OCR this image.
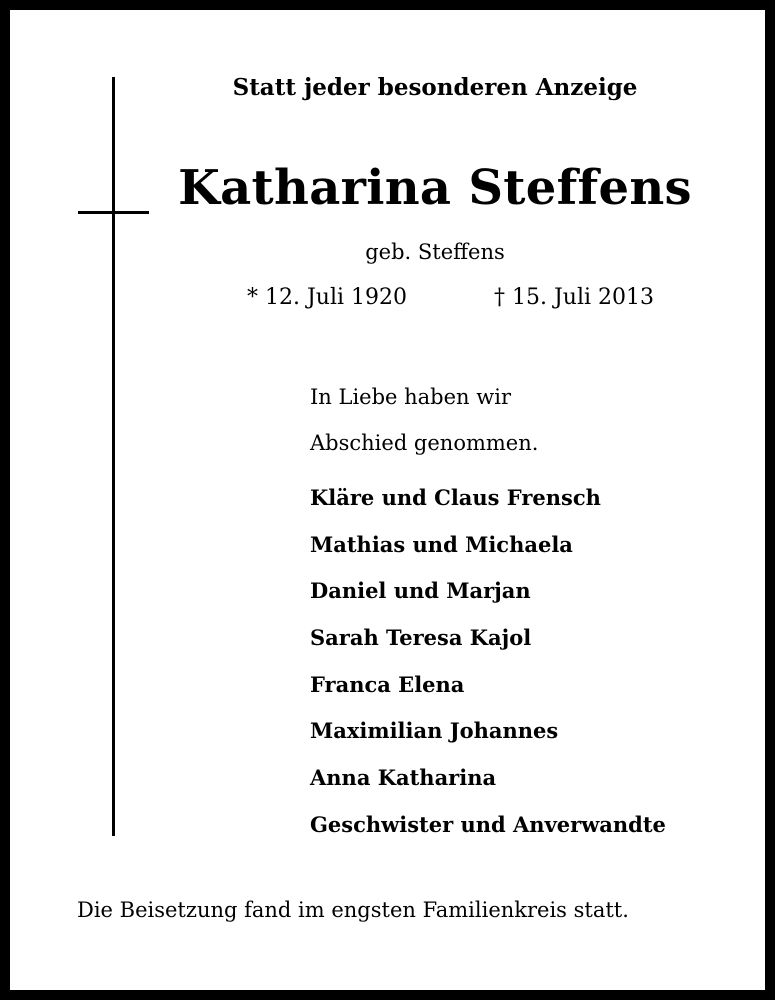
Statt jeder besonderen Anzeige
Katharina Steffens
geb. Steffens
* 12. Juli 1920	† 15. Juli 2013
In Liebe haben wir
Abschied genommen.
Kläre und Claus Frensch
Mathias und Michaela
Daniel und Marjan
Sarah Teresa Kajol
Franca Elena
Maximilian Johannes
Anna Katharina
Geschwister und Anverwandte
Die Beisetzung fand im engsten Familienkreis statt.
